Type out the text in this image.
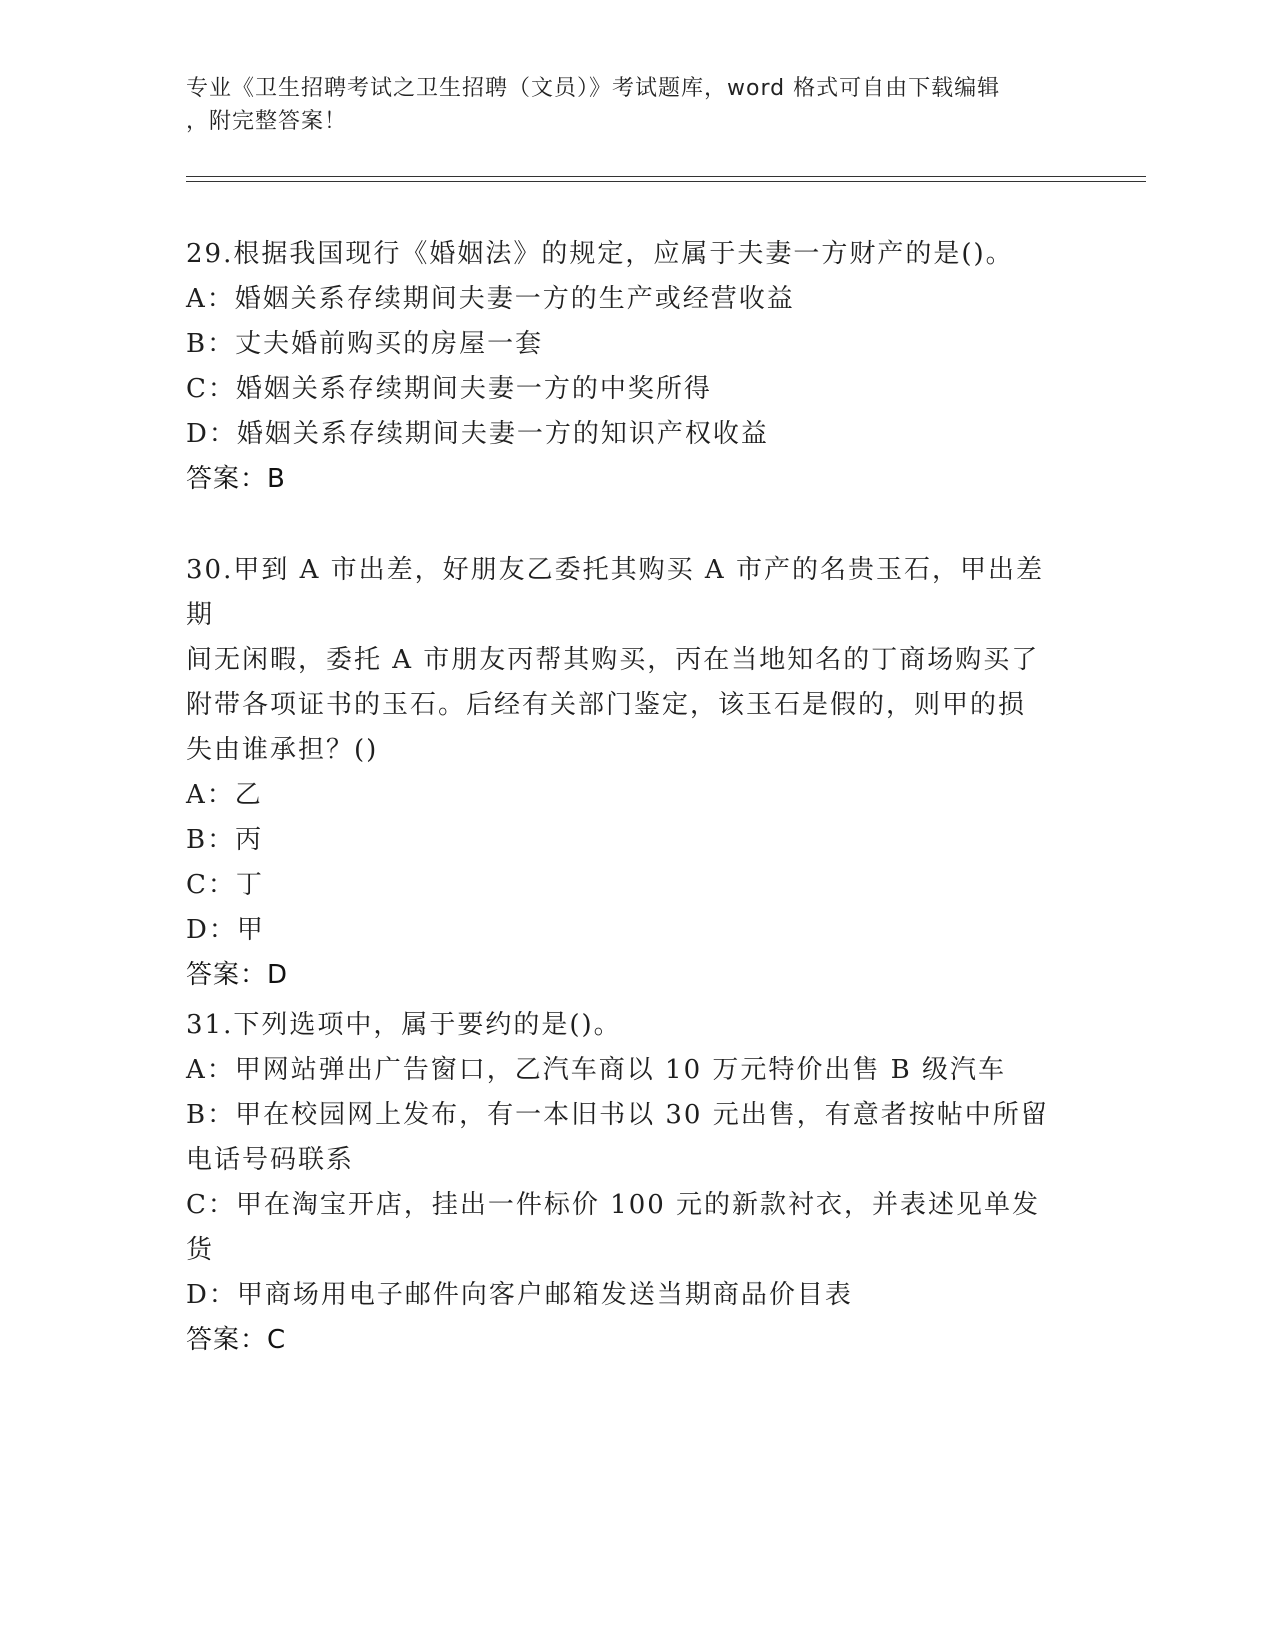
专业《卫生招聘考试之卫生招聘（文员）》考试题库，word 格式可自由下载编辑
，附完整答案！

29.根据我国现行《婚姻法》的规定，应属于夫妻一方财产的是()。

A：婚姻关系存续期间夫妻一方的生产或经营收益

B：丈夫婚前购买的房屋一套

C：婚姻关系存续期间夫妻一方的中奖所得

D：婚姻关系存续期间夫妻一方的知识产权收益

答案：B

30.甲到 A 市出差，好朋友乙委托其购买 A 市产的名贵玉石，甲出差期

间无闲暇，委托 A 市朋友丙帮其购买，丙在当地知名的丁商场购买了

附带各项证书的玉石。后经有关部门鉴定，该玉石是假的，则甲的损

失由谁承担？()

A：乙

B：丙

C：丁

D：甲

答案：D

31.下列选项中，属于要约的是()。

A：甲网站弹出广告窗口，乙汽车商以 10 万元特价出售 B 级汽车

B：甲在校园网上发布，有一本旧书以 30 元出售，有意者按帖中所留

电话号码联系

C：甲在淘宝开店，挂出一件标价 100 元的新款衬衣，并表述见单发货

D：甲商场用电子邮件向客户邮箱发送当期商品价目表

答案：C
